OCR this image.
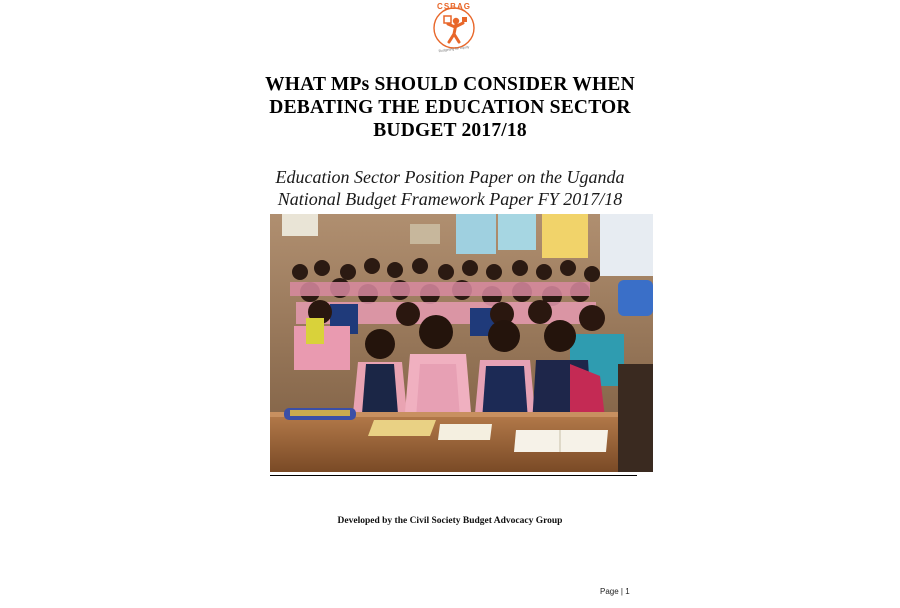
CSBAG
Budgeting for equity
WHAT MPs SHOULD CONSIDER WHEN
DEBATING THE EDUCATION SECTOR
BUDGET 2017/18
Education Sector Position Paper on the Uganda
National Budget Framework Paper FY 2017/18
Developed by the Civil Society Budget Advocacy Group
Page | 1
